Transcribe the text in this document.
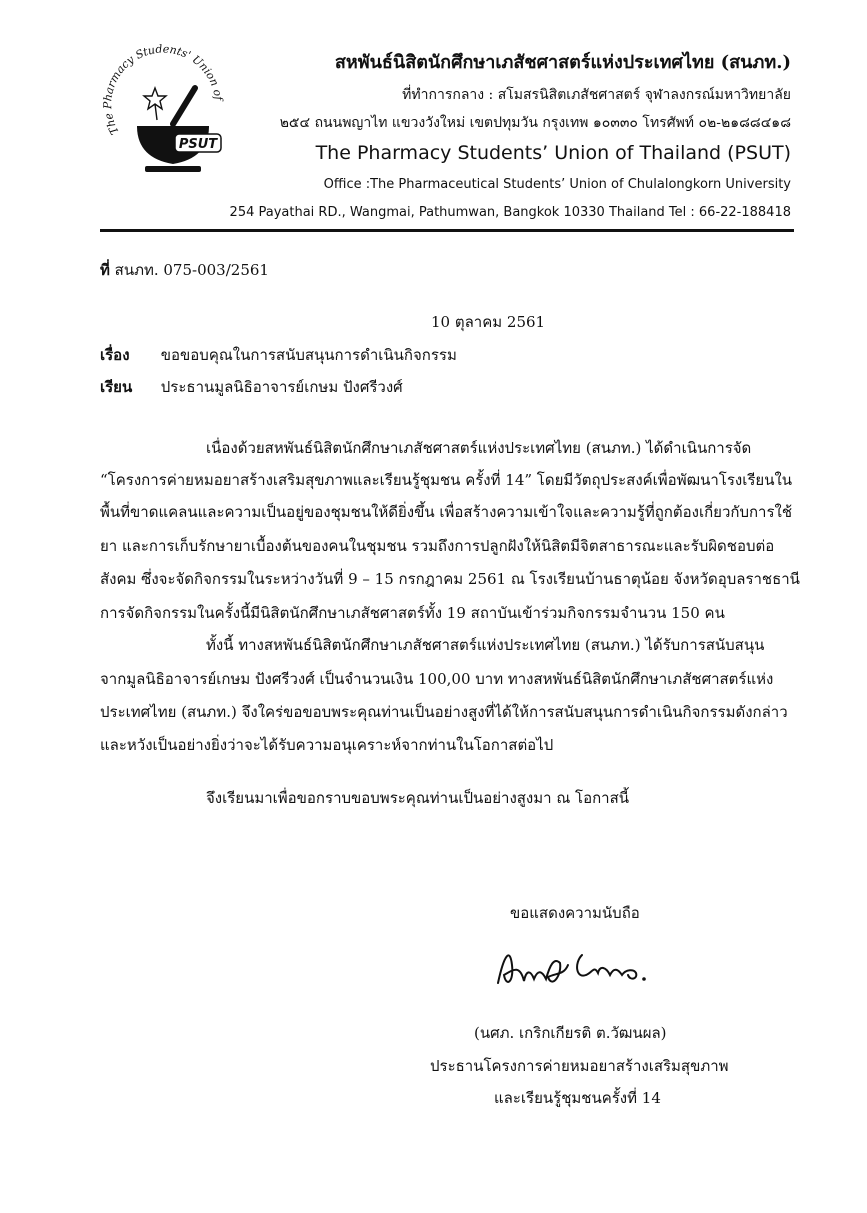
The Pharmacy Students' Union of
PSUT
สหพันธ์นิสิตนักศึกษาเภสัชศาสตร์แห่งประเทศไทย (สนภท.)
ที่ทำการกลาง : สโมสรนิสิตเภสัชศาสตร์ จุฬาลงกรณ์มหาวิทยาลัย
๒๕๔ ถนนพญาไท แขวงวังใหม่ เขตปทุมวัน กรุงเทพ ๑๐๓๓๐ โทรศัพท์ ๐๒-๒๑๘๘๔๑๘
The Pharmacy Students’ Union of Thailand (PSUT)
Office :The Pharmaceutical Students’ Union of Chulalongkorn University
254 Payathai RD., Wangmai, Pathumwan, Bangkok 10330 Thailand Tel : 66-22-188418
ที่ สนภท. 075-003/2561
10 ตุลาคม 2561
เรื่อง ขอขอบคุณในการสนับสนุนการดำเนินกิจกรรม
เรียน ประธานมูลนิธิอาจารย์เกษม ปังศรีวงศ์
เนื่องด้วยสหพันธ์นิสิตนักศึกษาเภสัชศาสตร์แห่งประเทศไทย (สนภท.) ได้ดำเนินการจัด
“โครงการค่ายหมอยาสร้างเสริมสุขภาพและเรียนรู้ชุมชน ครั้งที่ 14” โดยมีวัตถุประสงค์เพื่อพัฒนาโรงเรียนใน
พื้นที่ขาดแคลนและความเป็นอยู่ของชุมชนให้ดียิ่งขึ้น เพื่อสร้างความเข้าใจและความรู้ที่ถูกต้องเกี่ยวกับการใช้
ยา และการเก็บรักษายาเบื้องต้นของคนในชุมชน รวมถึงการปลูกฝังให้นิสิตมีจิตสาธารณะและรับผิดชอบต่อ
สังคม ซึ่งจะจัดกิจกรรมในระหว่างวันที่ 9 – 15 กรกฎาคม 2561 ณ โรงเรียนบ้านธาตุน้อย จังหวัดอุบลราชธานี
การจัดกิจกรรมในครั้งนี้มีนิสิตนักศึกษาเภสัชศาสตร์ทั้ง 19 สถาบันเข้าร่วมกิจกรรมจำนวน 150 คน
ทั้งนี้ ทางสหพันธ์นิสิตนักศึกษาเภสัชศาสตร์แห่งประเทศไทย (สนภท.) ได้รับการสนับสนุน
จากมูลนิธิอาจารย์เกษม ปังศรีวงศ์ เป็นจำนวนเงิน 100,00 บาท ทางสหพันธ์นิสิตนักศึกษาเภสัชศาสตร์แห่ง
ประเทศไทย (สนภท.) จึงใคร่ขอขอบพระคุณท่านเป็นอย่างสูงที่ได้ให้การสนับสนุนการดำเนินกิจกรรมดังกล่าว
และหวังเป็นอย่างยิ่งว่าจะได้รับความอนุเคราะห์จากท่านในโอกาสต่อไป
จึงเรียนมาเพื่อขอกราบขอบพระคุณท่านเป็นอย่างสูงมา ณ โอกาสนี้
ขอแสดงความนับถือ
(นศภ. เกริกเกียรติ ต.วัฒนผล)
ประธานโครงการค่ายหมอยาสร้างเสริมสุขภาพ
และเรียนรู้ชุมชนครั้งที่ 14
